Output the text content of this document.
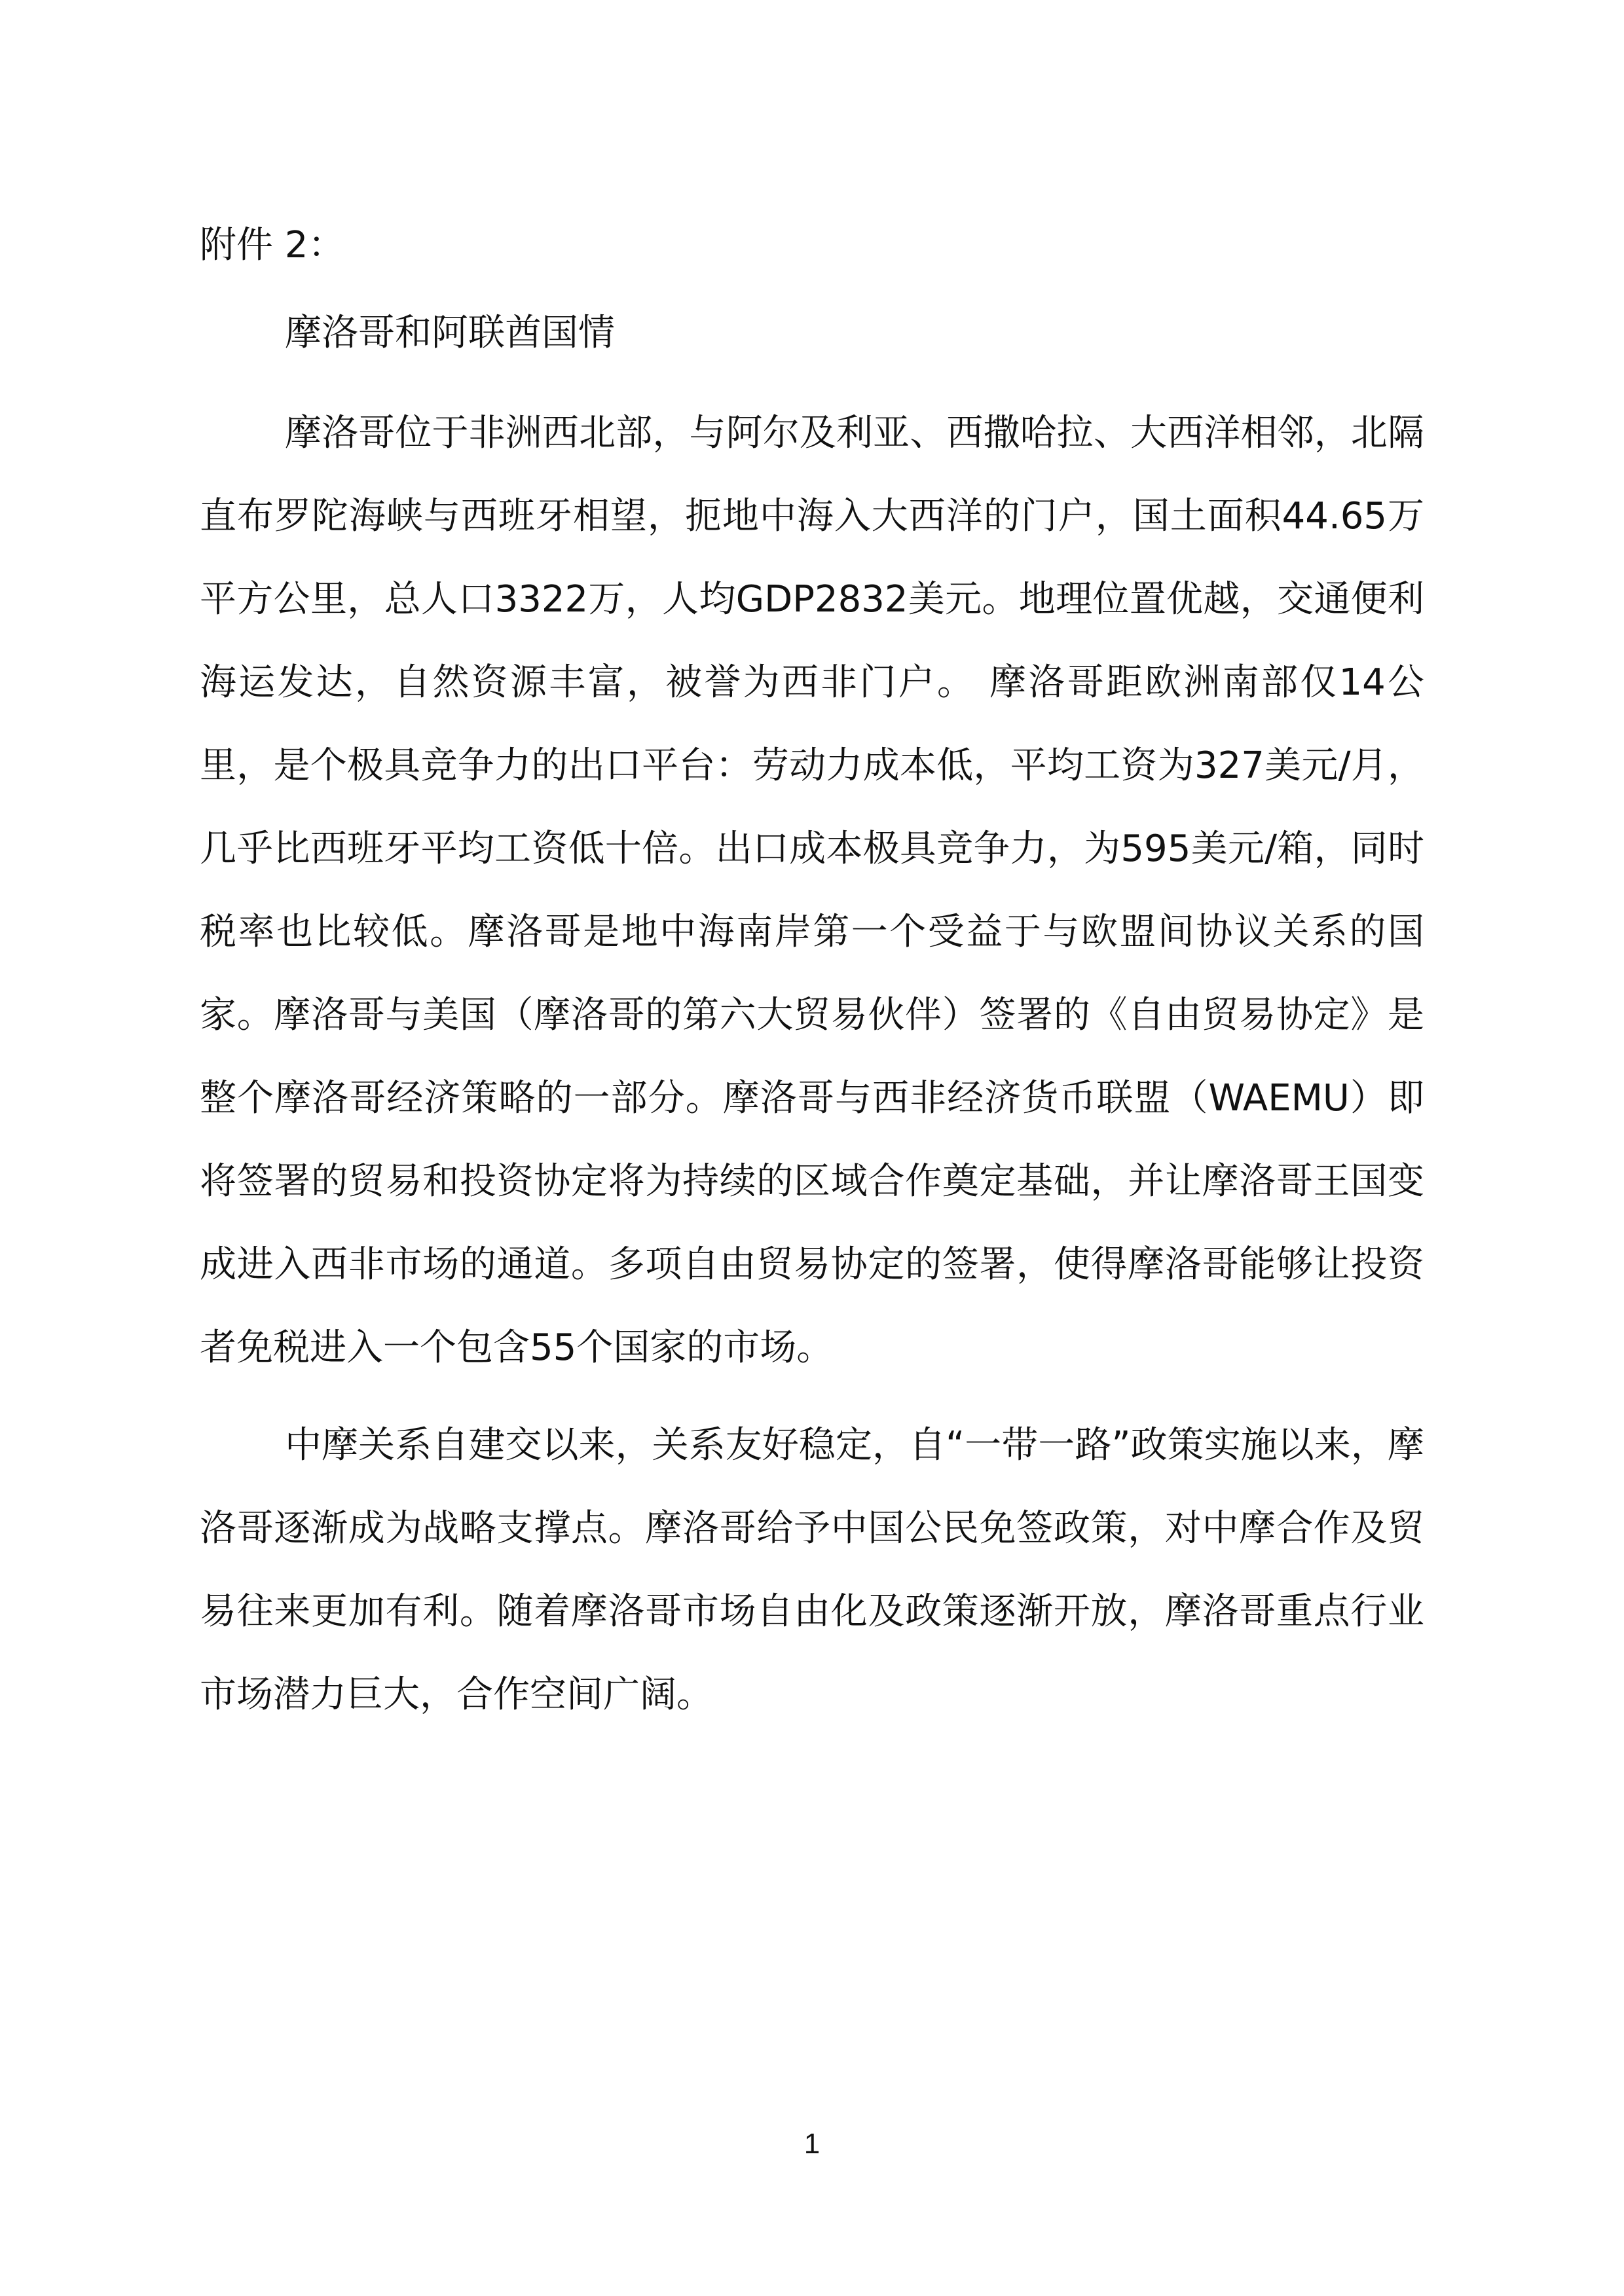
附件 2：

摩洛哥和阿联酋国情

摩洛哥位于非洲西北部，与阿尔及利亚、西撒哈拉、大西洋相邻，北隔直布罗陀海峡与西班牙相望，扼地中海入大西洋的门户，国土面积44.65万平方公里，总人口3322万，人均GDP2832美元。地理位置优越，交通便利海运发达，自然资源丰富，被誉为西非门户。 摩洛哥距欧洲南部仅14公里，是个极具竞争力的出口平台：劳动力成本低，平均工资为327美元/月，几乎比西班牙平均工资低十倍。出口成本极具竞争力，为595美元/箱，同时税率也比较低。摩洛哥是地中海南岸第一个受益于与欧盟间协议关系的国家。摩洛哥与美国（摩洛哥的第六大贸易伙伴）签署的《自由贸易协定》是整个摩洛哥经济策略的一部分。摩洛哥与西非经济货币联盟（WAEMU）即将签署的贸易和投资协定将为持续的区域合作奠定基础，并让摩洛哥王国变成进入西非市场的通道。多项自由贸易协定的签署，使得摩洛哥能够让投资者免税进入一个包含55个国家的市场。

中摩关系自建交以来，关系友好稳定，自“一带一路”政策实施以来，摩洛哥逐渐成为战略支撑点。摩洛哥给予中国公民免签政策，对中摩合作及贸易往来更加有利。随着摩洛哥市场自由化及政策逐渐开放，摩洛哥重点行业市场潜力巨大，合作空间广阔。

1
